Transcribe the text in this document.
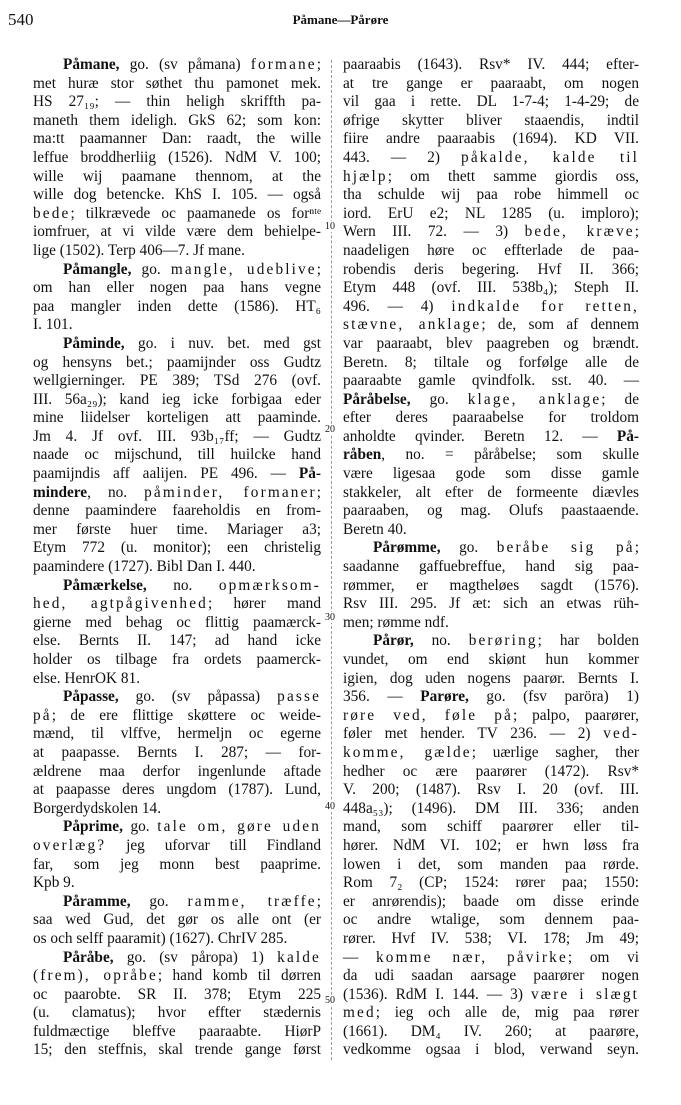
540	Påmane—Pårøre
10
20
30
40
50
Påmane, go. (sv påmana) formane;
met huræ stor søthet thu pamonet mek.
HS 27₁₉; — thin heligh skriffth pa-
maneth them ideligh. GkS 62; som kon:
ma:tt paamanner Dan: raadt, the wille
leffue broddherliig (1526). NdM V. 100;
wille wij paamane thennom, at the
wille dog betencke. KhS I. 105. — også
bede; tilkrævede oc paamanede os forⁿᵗᵉ
iomfruer, at vi vilde være dem behielpe-
lige (1502). Terp 406—7. Jf mane.
Påmangle, go. mangle, udeblive;
om han eller nogen paa hans vegne
paa mangler inden dette (1586). HT₆
I. 101.
Påminde, go. i nuv. bet. med gst
og hensyns bet.; paamijnder oss Gudtz
wellgierninger. PE 389; TSd 276 (ovf.
III. 56a₂₉); kand ieg icke forbigaa eder
mine liidelser korteligen att paaminde.
Jm 4. Jf ovf. III. 93b₁₇ff; — Gudtz
naade oc mijschund, till huilcke hand
paamijndis aff aalijen. PE 496. — På-
mindere, no. påminder, formaner;
denne paamindere faareholdis en from-
mer første huer time. Mariager a3;
Etym 772 (u. monitor); een christelig
paamindere (1727). Bibl Dan I. 440.
Påmærkelse, no. opmærksom-
hed, agtpågivenhed; hører mand
gierne med behag oc flittig paamærck-
else. Bernts II. 147; ad hand icke
holder os tilbage fra ordets paamerck-
else. HenrOK 81.
Påpasse, go. (sv påpassa) passe
på; de ere flittige skøttere oc weide-
mænd, til vlffve, hermeljn oc egerne
at paapasse. Bernts I. 287; — for-
ældrene maa derfor ingenlunde aftade
at paapasse deres ungdom (1787). Lund,
Borgerdydskolen 14.
Påprime, go. tale om, gøre uden
overlæg? jeg uforvar till Findland
far, som jeg monn best paaprime.
Kpb 9.
Påramme, go. ramme, træffe;
saa wed Gud, det gør os alle ont (er
os och selff paaramit) (1627). ChrIV 285.
Påråbe, go. (sv påropa) 1) kalde
(frem), opråbe; hand komb til dørren
oc paarobte. SR II. 378; Etym 225
(u. clamatus); hvor effter stædernis
fuldmæctige bleffve paaraabte. HiørP
15; den steffnis, skal trende gange først
paaraabis (1643). Rsv* IV. 444; efter-
at tre gange er paaraabt, om nogen
vil gaa i rette. DL 1-7-4; 1-4-29; de
øfrige skytter bliver staaendis, indtil
fiire andre paaraabis (1694). KD VII.
443. — 2) påkalde, kalde til
hjælp; om thett samme giordis oss,
tha schulde wij paa robe himmell oc
iord. ErU e2; NL 1285 (u. imploro);
Wern III. 72. — 3) bede, kræve;
naadeligen høre oc effterlade de paa-
robendis deris begering. Hvf II. 366;
Etym 448 (ovf. III. 538b₄); Steph II.
496. — 4) indkalde for retten,
stævne, anklage; de, som af dennem
var paaraabt, blev paagreben og brændt.
Beretn. 8; tiltale og forfølge alle de
paaraabte gamle qvindfolk. sst. 40. —
Påråbelse, go. klage, anklage; de
efter deres paaraabelse for troldom
anholdte qvinder. Beretn 12. — På-
råben, no. = påråbelse; som skulle
være ligesaa gode som disse gamle
stakkeler, alt efter de formeente diævles
paaraaben, og mag. Olufs paastaaende.
Beretn 40.
Pårømme, go. beråbe sig på;
saadanne gaffuebreffue, hand sig paa-
rømmer, er magtheløes sagdt (1576).
Rsv III. 295. Jf æt: sich an etwas rüh-
men; rømme ndf.
Pårør, no. berøring; har bolden
vundet, om end skiønt hun kommer
igien, dog uden nogens paarør. Bernts I.
356. — Parøre, go. (fsv paröra) 1)
røre ved, føle på; palpo, paarører,
føler met hender. TV 236. — 2) ved-
komme, gælde; uærlige sagher, ther
hedher oc ære paarører (1472). Rsv*
V. 200; (1487). Rsv I. 20 (ovf. III.
448a₅₃); (1496). DM III. 336; anden
mand, som schiff paarører eller til-
hører. NdM VI. 102; er hwn løss fra
lowen i det, som manden paa rørde.
Rom 7₂ (CP; 1524: rører paa; 1550:
er anrørendis); baade om disse erinde
oc andre wtalige, som dennem paa-
rører. Hvf IV. 538; VI. 178; Jm 49;
— komme nær, påvirke; om vi
da udi saadan aarsage paarører nogen
(1536). RdM I. 144. — 3) være i slægt
med; ieg och alle de, mig paa rører
(1661). DM₄ IV. 260; at paarøre,
vedkomme ogsaa i blod, verwand seyn.
